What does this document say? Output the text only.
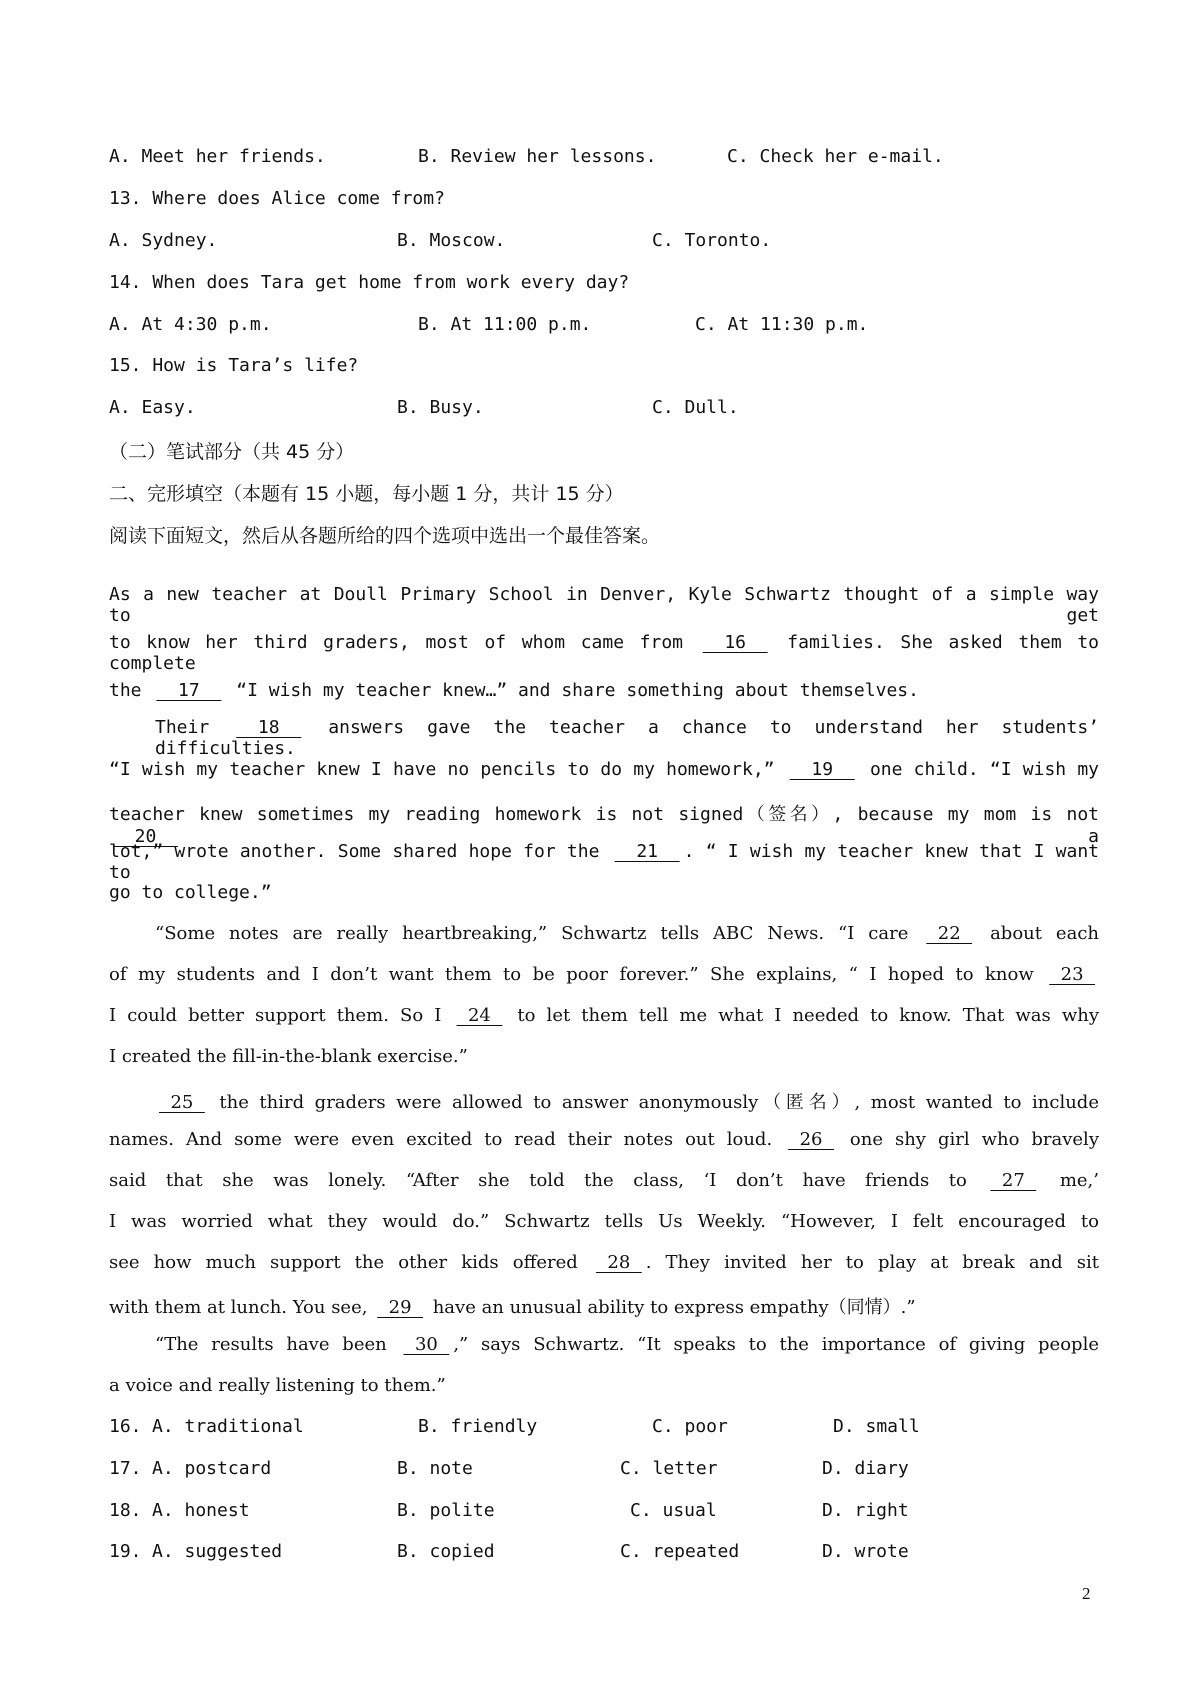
A. Meet her friends.	B. Review her lessons.	C. Check her e-mail.
13. Where does Alice come from?
A. Sydney.	B. Moscow.	C. Toronto.
14. When does Tara get home from work every day?
A. At 4:30 p.m.	B. At 11:00 p.m.	C. At 11:30 p.m.
15. How is Tara’s life?
A. Easy.	B. Busy.	C. Dull.
（二）笔试部分（共 45 分）
二、完形填空（本题有 15 小题，每小题 1 分，共计 15 分）
阅读下面短文，然后从各题所给的四个选项中选出一个最佳答案。
As a new teacher at Doull Primary School in Denver, Kyle Schwartz thought of a simple way to get
to know her third graders, most of whom came from   16   families. She asked them to complete
the   17   “I wish my teacher knew…” and share something about themselves.
Their   18   answers gave the teacher a chance to understand her students’ difficulties.
“I wish my teacher knew I have no pencils to do my homework,”   19   one child. “I wish my
teacher knew sometimes my reading homework is not signed（签名）, because my mom is not   20   a
lot,” wrote another. Some shared hope for the   21  . “ I wish my teacher knew that I want to
go to college.”
“Some notes are really heartbreaking,” Schwartz tells ABC News. “I care   22   about each
of my students and I don’t want them to be poor forever.” She explains, “ I hoped to know   23
I could better support them. So I   24   to let them tell me what I needed to know. That was why
I created the fill-in-the-blank exercise.”
25   the third graders were allowed to answer anonymously（匿名）, most wanted to include
names. And some were even excited to read their notes out loud.   26   one shy girl who bravely
said that she was lonely. “After she told the class, ‘I don’t have friends to   27   me,’
I was worried what they would do.” Schwartz tells Us Weekly. “However, I felt encouraged to
see how much support the other kids offered   28  . They invited her to play at break and sit
with them at lunch. You see,   29   have an unusual ability to express empathy（同情）.”
“The results have been   30  ,” says Schwartz. “It speaks to the importance of giving people
a voice and really listening to them.”
16. A. traditional	B. friendly	C. poor	D. small
17. A. postcard	B. note	C. letter	D. diary
18. A. honest	B. polite	C. usual	D. right
19. A. suggested	B. copied	C. repeated	D. wrote
2
